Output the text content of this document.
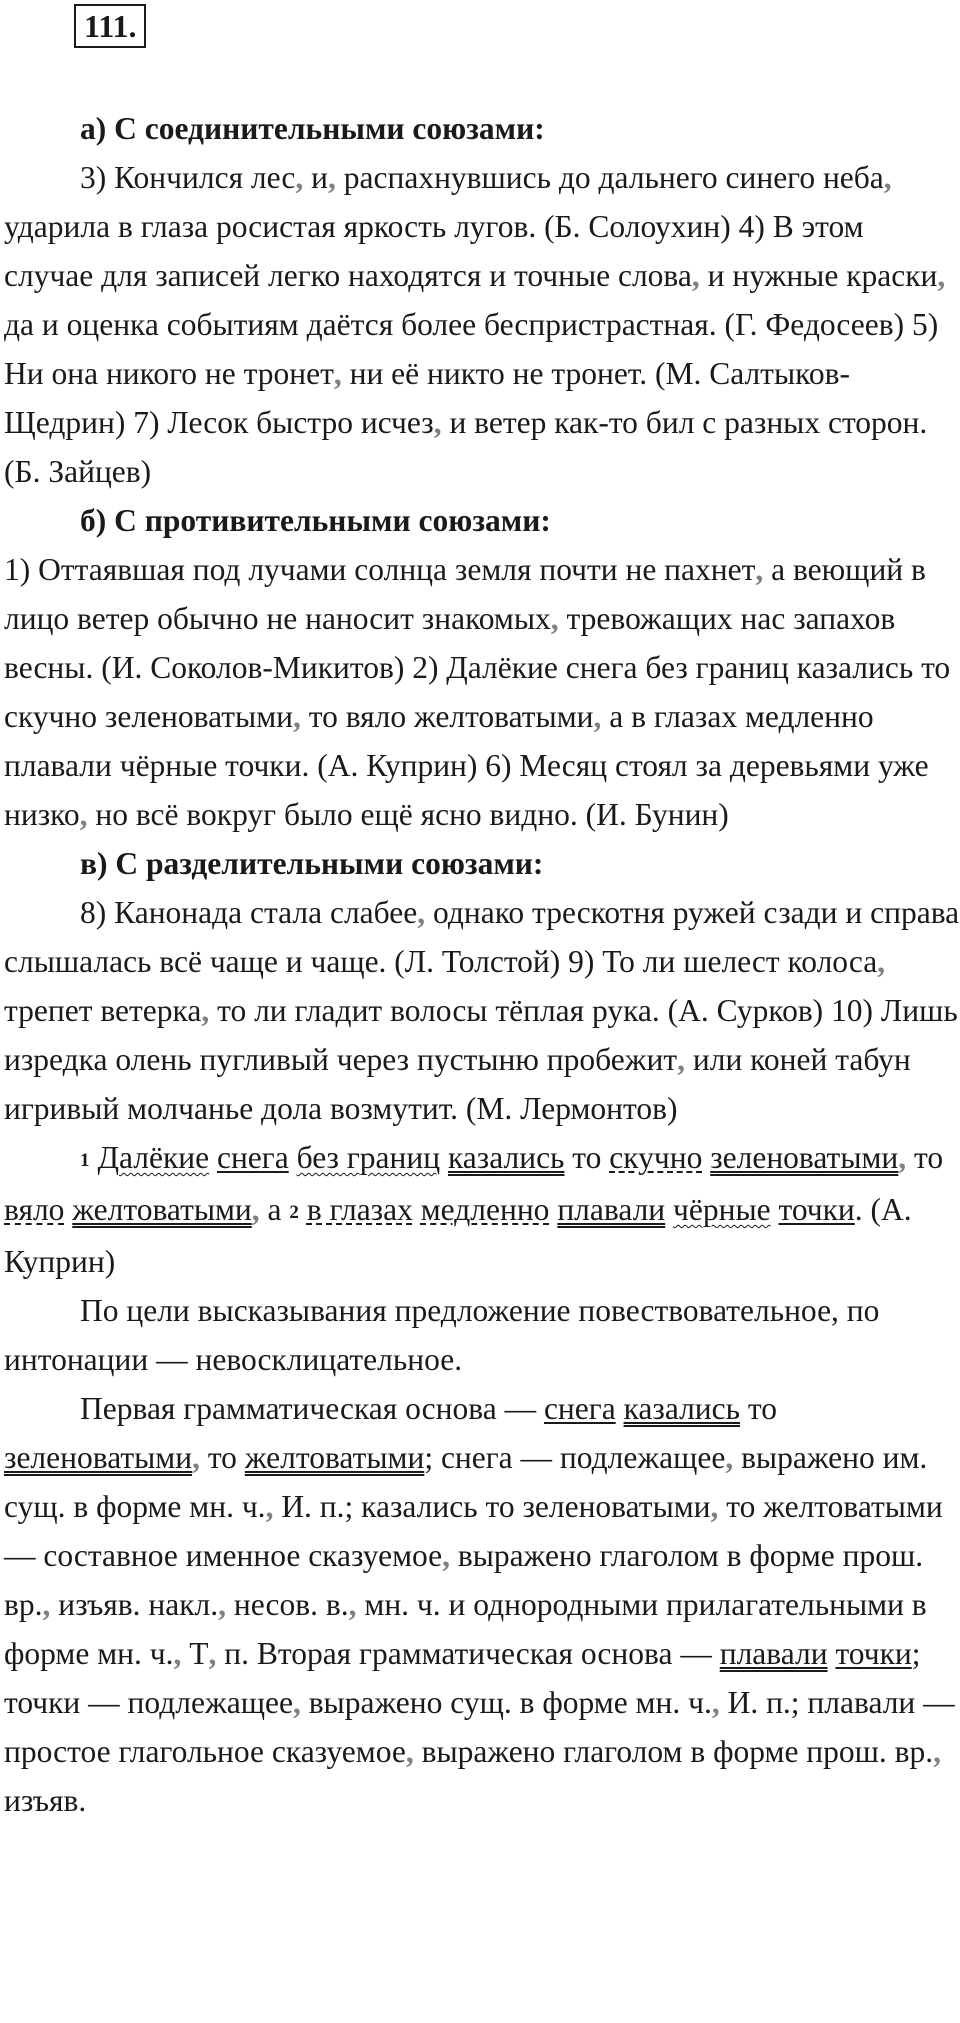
111.

а) С соединительными союзами:

3) Кончился лес, и, распахнувшись до дальнего синего неба, ударила в глаза росистая яркость лугов. (Б. Солоухин) 4) В этом случае для записей легко находятся и точные слова, и нужные краски, да и оценка событиям даётся более беспристрастная. (Г. Федосеев) 5) Ни она никого не тронет, ни её никто не тронет. (М. Салтыков-Щедрин) 7) Лесок быстро исчез, и ветер как-то бил с разных сторон. (Б. Зайцев)

б) С противительными союзами:

1) Оттаявшая под лучами солнца земля почти не пахнет, а веющий в лицо ветер обычно не наносит знакомых, тревожащих нас запахов весны. (И. Соколов-Микитов) 2) Далёкие снега без границ казались то скучно зеленоватыми, то вяло желтоватыми, а в глазах медленно плавали чёрные точки. (А. Куприн) 6) Месяц стоял за деревьями уже низко, но всё вокруг было ещё ясно видно. (И. Бунин)

в) С разделительными союзами:

8) Канонада стала слабее, однако трескотня ружей сзади и справа слышалась всё чаще и чаще. (Л. Толстой) 9) То ли шелест колоса, трепет ветерка, то ли гладит волосы тёплая рука. (А. Сурков) 10) Лишь изредка олень пугливый через пустыню пробежит, или коней табун игривый молчанье дола возмутит. (М. Лермонтов)

1 Далёкие снега без границ казались то скучно зеленоватыми, то вяло желтоватыми, а 2 в глазах медленно плавали чёрные точки. (А. Куприн)

По цели высказывания предложение повествовательное, по интонации — невосклицательное.

Первая грамматическая основа — снега казались то зеленоватыми, то желтоватыми; снега — подлежащее, выражено им. сущ. в форме мн. ч., И. п.; казались то зеленоватыми, то желтоватыми — составное именное сказуемое, выражено глаголом в форме прош. вр., изъяв. накл., несов. в., мн. ч. и однородными прилагательными в форме мн. ч., Т, п. Вторая грамматическая основа — плавали точки; точки — подлежащее, выражено сущ. в форме мн. ч., И. п.; плавали — простое глагольное сказуемое, выражено глаголом в форме прош. вр., изъяв.
